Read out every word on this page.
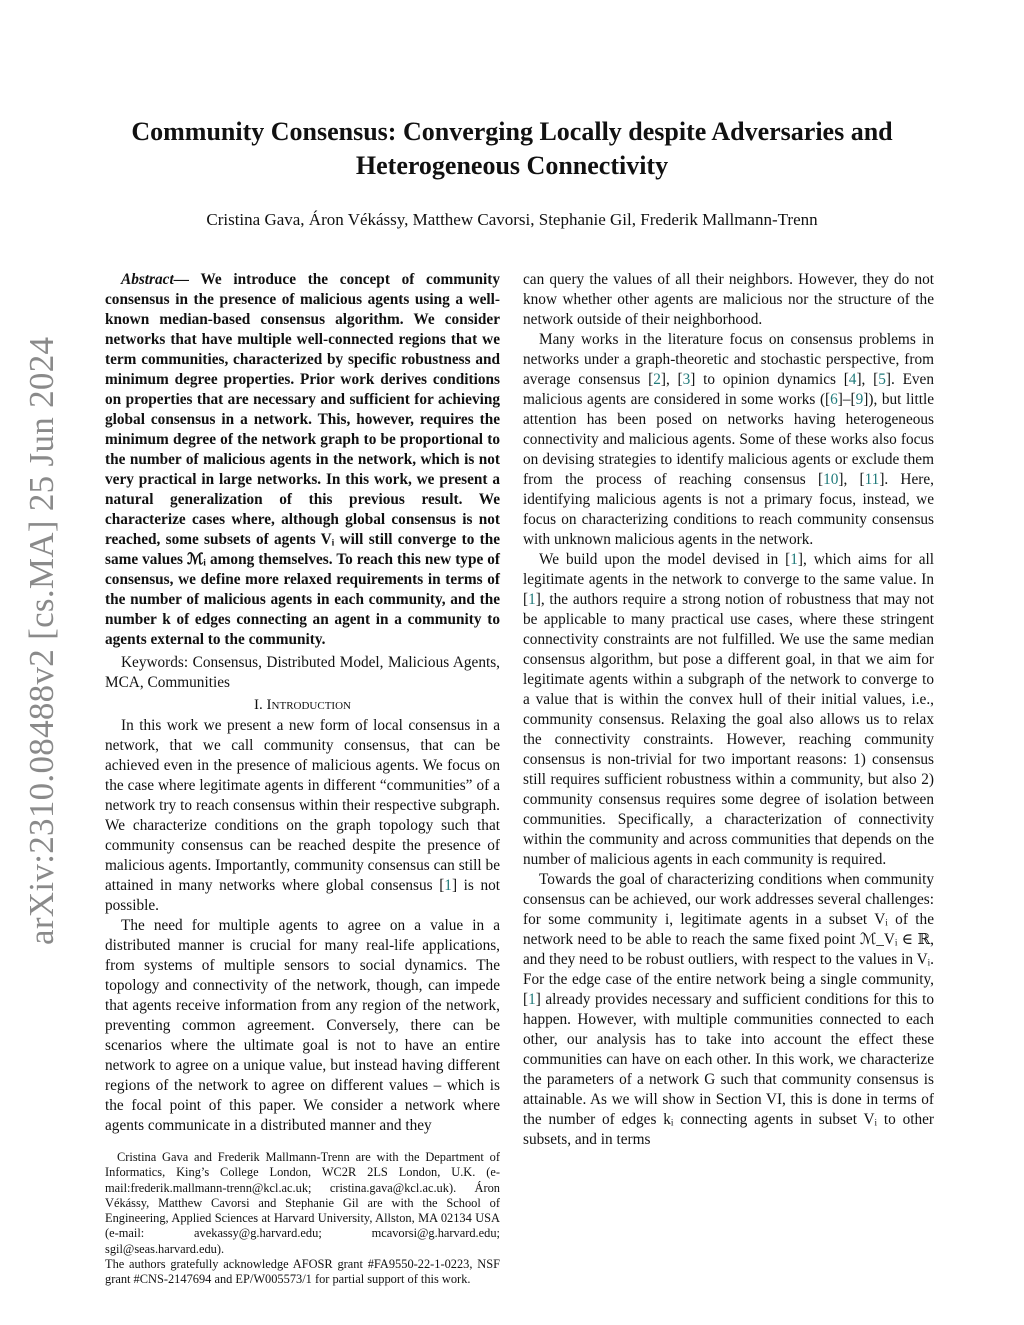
Community Consensus: Converging Locally despite Adversaries and Heterogeneous Connectivity
Cristina Gava, Áron Vékássy, Matthew Cavorsi, Stephanie Gil, Frederik Mallmann-Trenn
arXiv:2310.08488v2 [cs.MA] 25 Jun 2024

Abstract— We introduce the concept of community consensus in the presence of malicious agents using a well-known median-based consensus algorithm. We consider networks that have multiple well-connected regions that we term communities, characterized by specific robustness and minimum degree properties. Prior work derives conditions on properties that are necessary and sufficient for achieving global consensus in a network. This, however, requires the minimum degree of the network graph to be proportional to the number of malicious agents in the network, which is not very practical in large networks. In this work, we present a natural generalization of this previous result. We characterize cases where, although global consensus is not reached, some subsets of agents Vᵢ will still converge to the same values ℳᵢ among themselves. To reach this new type of consensus, we define more relaxed requirements in terms of the number of malicious agents in each community, and the number k of edges connecting an agent in a community to agents external to the community.

Keywords: Consensus, Distributed Model, Malicious Agents, MCA, Communities

I. Introduction

In this work we present a new form of local consensus in a network, that we call community consensus, that can be achieved even in the presence of malicious agents. We focus on the case where legitimate agents in different “communities” of a network try to reach consensus within their respective subgraph. We characterize conditions on the graph topology such that community consensus can be reached despite the presence of malicious agents. Importantly, community consensus can still be attained in many networks where global consensus [1] is not possible.

The need for multiple agents to agree on a value in a distributed manner is crucial for many real-life applications, from systems of multiple sensors to social dynamics. The topology and connectivity of the network, though, can impede that agents receive information from any region of the network, preventing common agreement. Conversely, there can be scenarios where the ultimate goal is not to have an entire network to agree on a unique value, but instead having different regions of the network to agree on different values – which is the focal point of this paper. We consider a network where agents communicate in a distributed manner and they

Cristina Gava and Frederik Mallmann-Trenn are with the Department of Informatics, King’s College London, WC2R 2LS London, U.K. (e-mail:frederik.mallmann-trenn@kcl.ac.uk; cristina.gava@kcl.ac.uk). Áron Vékássy, Matthew Cavorsi and Stephanie Gil are with the School of Engineering, Applied Sciences at Harvard University, Allston, MA 02134 USA (e-mail: avekassy@g.harvard.edu; mcavorsi@g.harvard.edu; sgil@seas.harvard.edu).

The authors gratefully acknowledge AFOSR grant #FA9550-22-1-0223, NSF grant #CNS-2147694 and EP/W005573/1 for partial support of this work.

can query the values of all their neighbors. However, they do not know whether other agents are malicious nor the structure of the network outside of their neighborhood.

Many works in the literature focus on consensus problems in networks under a graph-theoretic and stochastic perspective, from average consensus [2], [3] to opinion dynamics [4], [5]. Even malicious agents are considered in some works ([6]–[9]), but little attention has been posed on networks having heterogeneous connectivity and malicious agents. Some of these works also focus on devising strategies to identify malicious agents or exclude them from the process of reaching consensus [10], [11]. Here, identifying malicious agents is not a primary focus, instead, we focus on characterizing conditions to reach community consensus with unknown malicious agents in the network.

We build upon the model devised in [1], which aims for all legitimate agents in the network to converge to the same value. In [1], the authors require a strong notion of robustness that may not be applicable to many practical use cases, where these stringent connectivity constraints are not fulfilled. We use the same median consensus algorithm, but pose a different goal, in that we aim for legitimate agents within a subgraph of the network to converge to a value that is within the convex hull of their initial values, i.e., community consensus. Relaxing the goal also allows us to relax the connectivity constraints. However, reaching community consensus is non-trivial for two important reasons: 1) consensus still requires sufficient robustness within a community, but also 2) community consensus requires some degree of isolation between communities. Specifically, a characterization of connectivity within the community and across communities that depends on the number of malicious agents in each community is required.

Towards the goal of characterizing conditions when community consensus can be achieved, our work addresses several challenges: for some community i, legitimate agents in a subset Vᵢ of the network need to be able to reach the same fixed point ℳ_Vᵢ ∈ ℝ, and they need to be robust outliers, with respect to the values in Vᵢ. For the edge case of the entire network being a single community, [1] already provides necessary and sufficient conditions for this to happen. However, with multiple communities connected to each other, our analysis has to take into account the effect these communities can have on each other. In this work, we characterize the parameters of a network G such that community consensus is attainable. As we will show in Section VI, this is done in terms of the number of edges kᵢ connecting agents in subset Vᵢ to other subsets, and in terms
